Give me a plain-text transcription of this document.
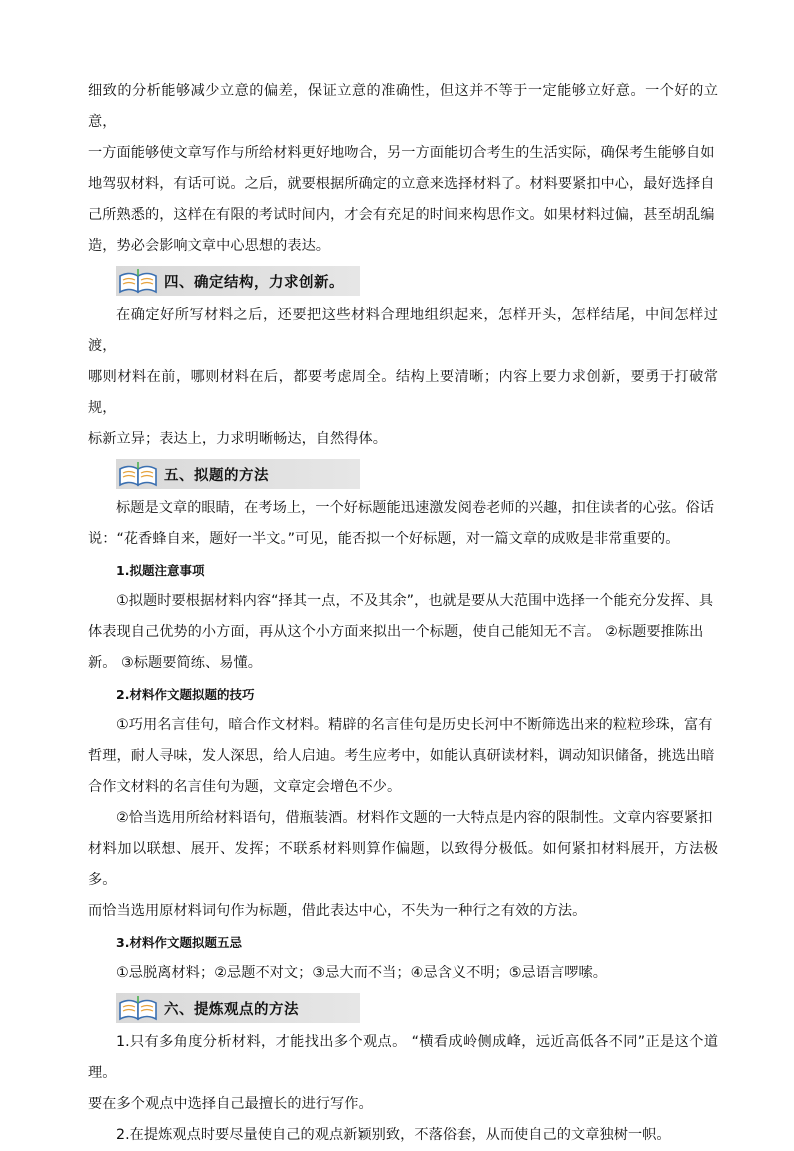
细致的分析能够减少立意的偏差，保证立意的准确性，但这并不等于一定能够立好意。一个好的立意，

一方面能够使文章写作与所给材料更好地吻合，另一方面能切合考生的生活实际，确保考生能够自如

地驾驭材料，有话可说。之后，就要根据所确定的立意来选择材料了。材料要紧扣中心，最好选择自

己所熟悉的，这样在有限的考试时间内，才会有充足的时间来构思作文。如果材料过偏，甚至胡乱编

造，势必会影响文章中心思想的表达。

四、确定结构，力求创新。

在确定好所写材料之后，还要把这些材料合理地组织起来，怎样开头，怎样结尾，中间怎样过渡，

哪则材料在前，哪则材料在后，都要考虑周全。结构上要清晰；内容上要力求创新，要勇于打破常规，

标新立异；表达上，力求明晰畅达，自然得体。

五、拟题的方法

标题是文章的眼睛，在考场上，一个好标题能迅速激发阅卷老师的兴趣，扣住读者的心弦。俗话

说：“花香蜂自来，题好一半文。”可见，能否拟一个好标题，对一篇文章的成败是非常重要的。

1.拟题注意事项

①拟题时要根据材料内容“择其一点，不及其余”，也就是要从大范围中选择一个能充分发挥、具

体表现自己优势的小方面，再从这个小方面来拟出一个标题，使自己能知无不言。 ②标题要推陈出

新。 ③标题要简练、易懂。

2.材料作文题拟题的技巧

①巧用名言佳句，暗合作文材料。精辟的名言佳句是历史长河中不断筛选出来的粒粒珍珠，富有

哲理，耐人寻味，发人深思，给人启迪。考生应考中，如能认真研读材料，调动知识储备，挑选出暗

合作文材料的名言佳句为题，文章定会增色不少。

②恰当选用所给材料语句，借瓶装酒。材料作文题的一大特点是内容的限制性。文章内容要紧扣

材料加以联想、展开、发挥；不联系材料则算作偏题，以致得分极低。如何紧扣材料展开，方法极多。

而恰当选用原材料词句作为标题，借此表达中心，不失为一种行之有效的方法。

3.材料作文题拟题五忌

①忌脱离材料；②忌题不对文；③忌大而不当；④忌含义不明；⑤忌语言啰嗦。

六、提炼观点的方法

1.只有多角度分析材料，才能找出多个观点。 “横看成岭侧成峰，远近高低各不同”正是这个道理。

要在多个观点中选择自己最擅长的进行写作。

2.在提炼观点时要尽量使自己的观点新颖别致，不落俗套，从而使自己的文章独树一帜。
